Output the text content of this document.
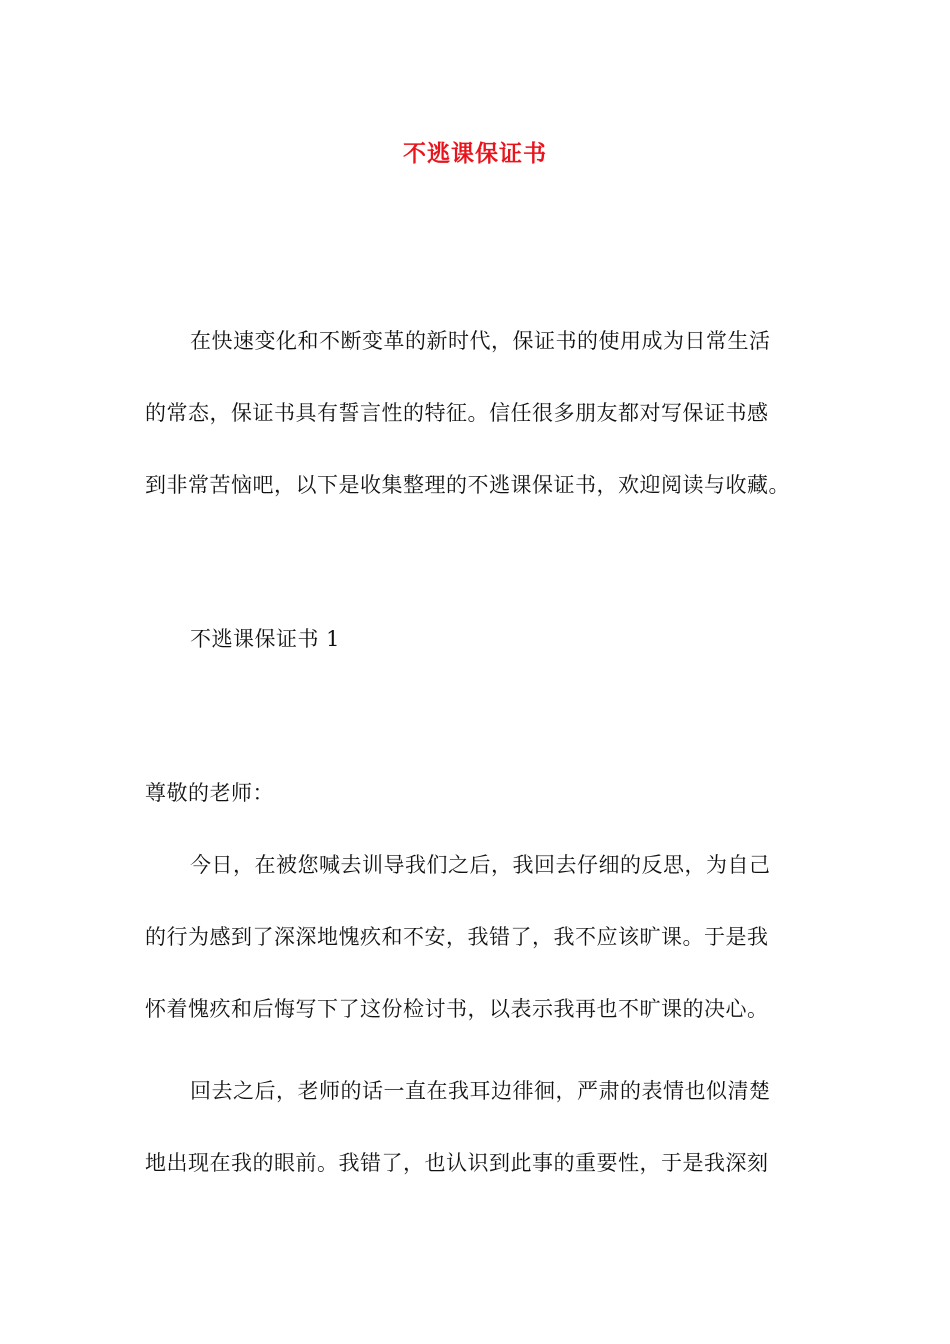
不逃课保证书
在快速变化和不断变革的新时代，保证书的使用成为日常生活
的常态，保证书具有誓言性的特征。信任很多朋友都对写保证书感
到非常苦恼吧，以下是收集整理的不逃课保证书，欢迎阅读与收藏。
不逃课保证书 1
尊敬的老师：
今日，在被您喊去训导我们之后，我回去仔细的反思，为自己
的行为感到了深深地愧疚和不安，我错了，我不应该旷课。于是我
怀着愧疚和后悔写下了这份检讨书，以表示我再也不旷课的决心。
回去之后，老师的话一直在我耳边徘徊，严肃的表情也似清楚
地出现在我的眼前。我错了，也认识到此事的重要性，于是我深刻
